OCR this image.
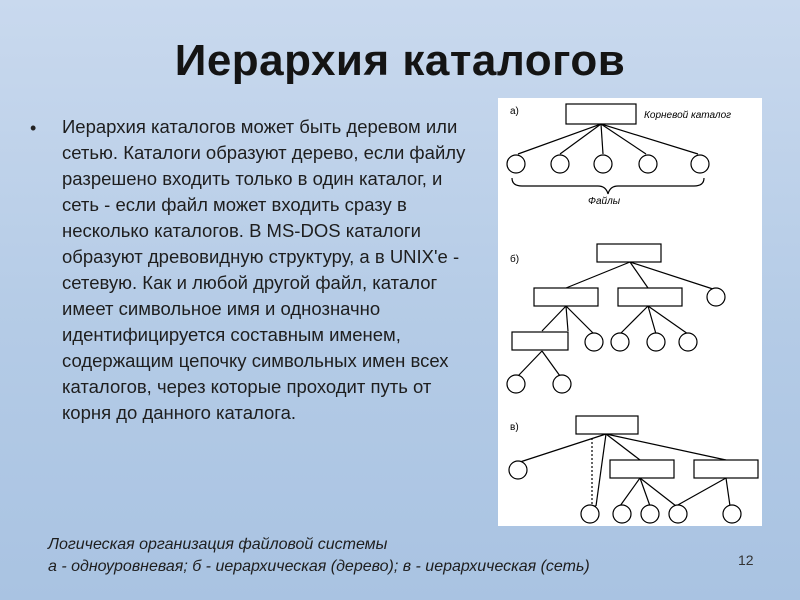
Иерархия каталогов
• Иерархия каталогов может быть деревом или сетью. Каталоги образуют дерево, если файлу разрешено входить только в один каталог, и сеть - если файл может входить сразу в несколько каталогов. В MS-DOS каталоги образуют древовидную структуру, а в UNIX'е - сетевую. Как и любой другой файл, каталог имеет символьное имя и однозначно идентифицируется составным именем, содержащим цепочку символьных имен всех каталогов, через которые проходит путь от корня до данного каталога.
а)	Корневой каталог
Файлы
б)
в)
Логическая организация файловой системы
а - одноуровневая; б - иерархическая (дерево); в - иерархическая (сеть)	12
